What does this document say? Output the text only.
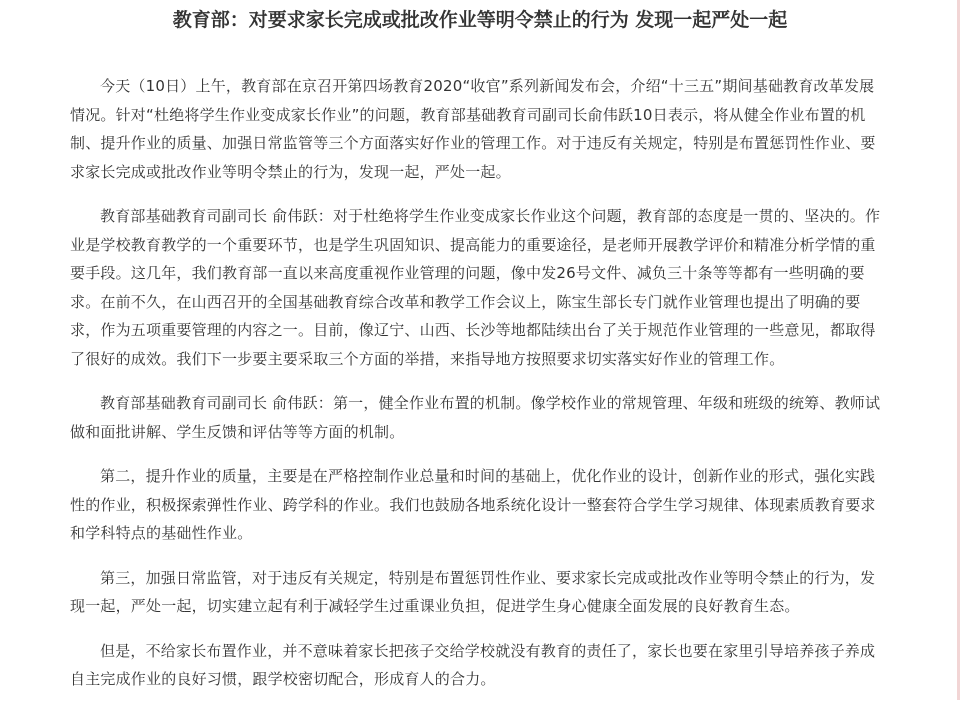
教育部：对要求家长完成或批改作业等明令禁止的行为 发现一起严处一起

今天（10日）上午，教育部在京召开第四场教育2020“收官”系列新闻发布会，介绍“十三五”期间基础教育改革发展情况。针对“杜绝将学生作业变成家长作业”的问题，教育部基础教育司副司长俞伟跃10日表示，将从健全作业布置的机制、提升作业的质量、加强日常监管等三个方面落实好作业的管理工作。对于违反有关规定，特别是布置惩罚性作业、要求家长完成或批改作业等明令禁止的行为，发现一起，严处一起。

教育部基础教育司副司长 俞伟跃：对于杜绝将学生作业变成家长作业这个问题，教育部的态度是一贯的、坚决的。作业是学校教育教学的一个重要环节，也是学生巩固知识、提高能力的重要途径，是老师开展教学评价和精准分析学情的重要手段。这几年，我们教育部一直以来高度重视作业管理的问题，像中发26号文件、减负三十条等等都有一些明确的要求。在前不久，在山西召开的全国基础教育综合改革和教学工作会议上，陈宝生部长专门就作业管理也提出了明确的要求，作为五项重要管理的内容之一。目前，像辽宁、山西、长沙等地都陆续出台了关于规范作业管理的一些意见，都取得了很好的成效。我们下一步要主要采取三个方面的举措，来指导地方按照要求切实落实好作业的管理工作。

教育部基础教育司副司长 俞伟跃：第一，健全作业布置的机制。像学校作业的常规管理、年级和班级的统筹、教师试做和面批讲解、学生反馈和评估等等方面的机制。

第二，提升作业的质量，主要是在严格控制作业总量和时间的基础上，优化作业的设计，创新作业的形式，强化实践性的作业，积极探索弹性作业、跨学科的作业。我们也鼓励各地系统化设计一整套符合学生学习规律、体现素质教育要求和学科特点的基础性作业。

第三，加强日常监管，对于违反有关规定，特别是布置惩罚性作业、要求家长完成或批改作业等明令禁止的行为，发现一起，严处一起，切实建立起有利于减轻学生过重课业负担，促进学生身心健康全面发展的良好教育生态。

但是，不给家长布置作业，并不意味着家长把孩子交给学校就没有教育的责任了，家长也要在家里引导培养孩子养成自主完成作业的良好习惯，跟学校密切配合，形成育人的合力。
